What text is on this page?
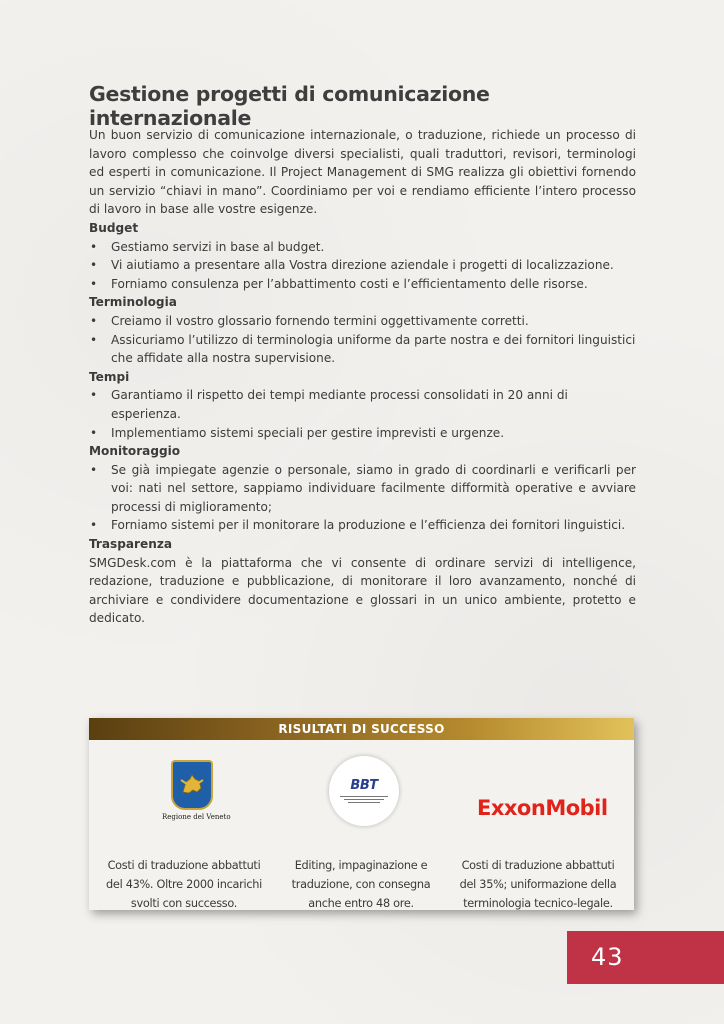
Gestione progetti di comunicazione internazionale

Un buon servizio di comunicazione internazionale, o traduzione, richiede un processo di lavoro complesso che coinvolge diversi specialisti, quali traduttori, revisori, terminologi ed esperti in comunicazione. Il Project Management di SMG realizza gli obiettivi fornendo un servizio “chiavi in mano”. Coordiniamo per voi e rendiamo efficiente l’intero processo di lavoro in base alle vostre esigenze.

Budget

• Gestiamo servizi in base al budget.
• Vi aiutiamo a presentare alla Vostra direzione aziendale i progetti di localizzazione.
• Forniamo consulenza per l’abbattimento costi e l’efficientamento delle risorse.

Terminologia

• Creiamo il vostro glossario fornendo termini oggettivamente corretti.
• Assicuriamo l’utilizzo di terminologia uniforme da parte nostra e dei fornitori linguistici che affidate alla nostra supervisione.

Tempi

• Garantiamo il rispetto dei tempi mediante processi consolidati in 20 anni di esperienza.
• Implementiamo sistemi speciali per gestire imprevisti e urgenze.

Monitoraggio

• Se già impiegate agenzie o personale, siamo in grado di coordinarli e verificarli per voi: nati nel settore, sappiamo individuare facilmente difformità operative e avviare processi di miglioramento;
• Forniamo sistemi per il monitorare la produzione e l’efficienza dei fornitori linguistici.

Trasparenza

SMGDesk.com è la piattaforma che vi consente di ordinare servizi di intelligence, redazione, traduzione e pubblicazione, di monitorare il loro avanzamento, nonché di archiviare e condividere documentazione e glossari in un unico ambiente, protetto e dedicato.

RISULTATI DI SUCCESSO
Regione del Veneto
BBT
ExxonMobil
Costi di traduzione abbattuti del 43%. Oltre 2000 incarichi svolti con successo.
Editing, impaginazione e traduzione, con consegna anche entro 48 ore.
Costi di traduzione abbattuti del 35%; uniformazione della terminologia tecnico-legale.
43
